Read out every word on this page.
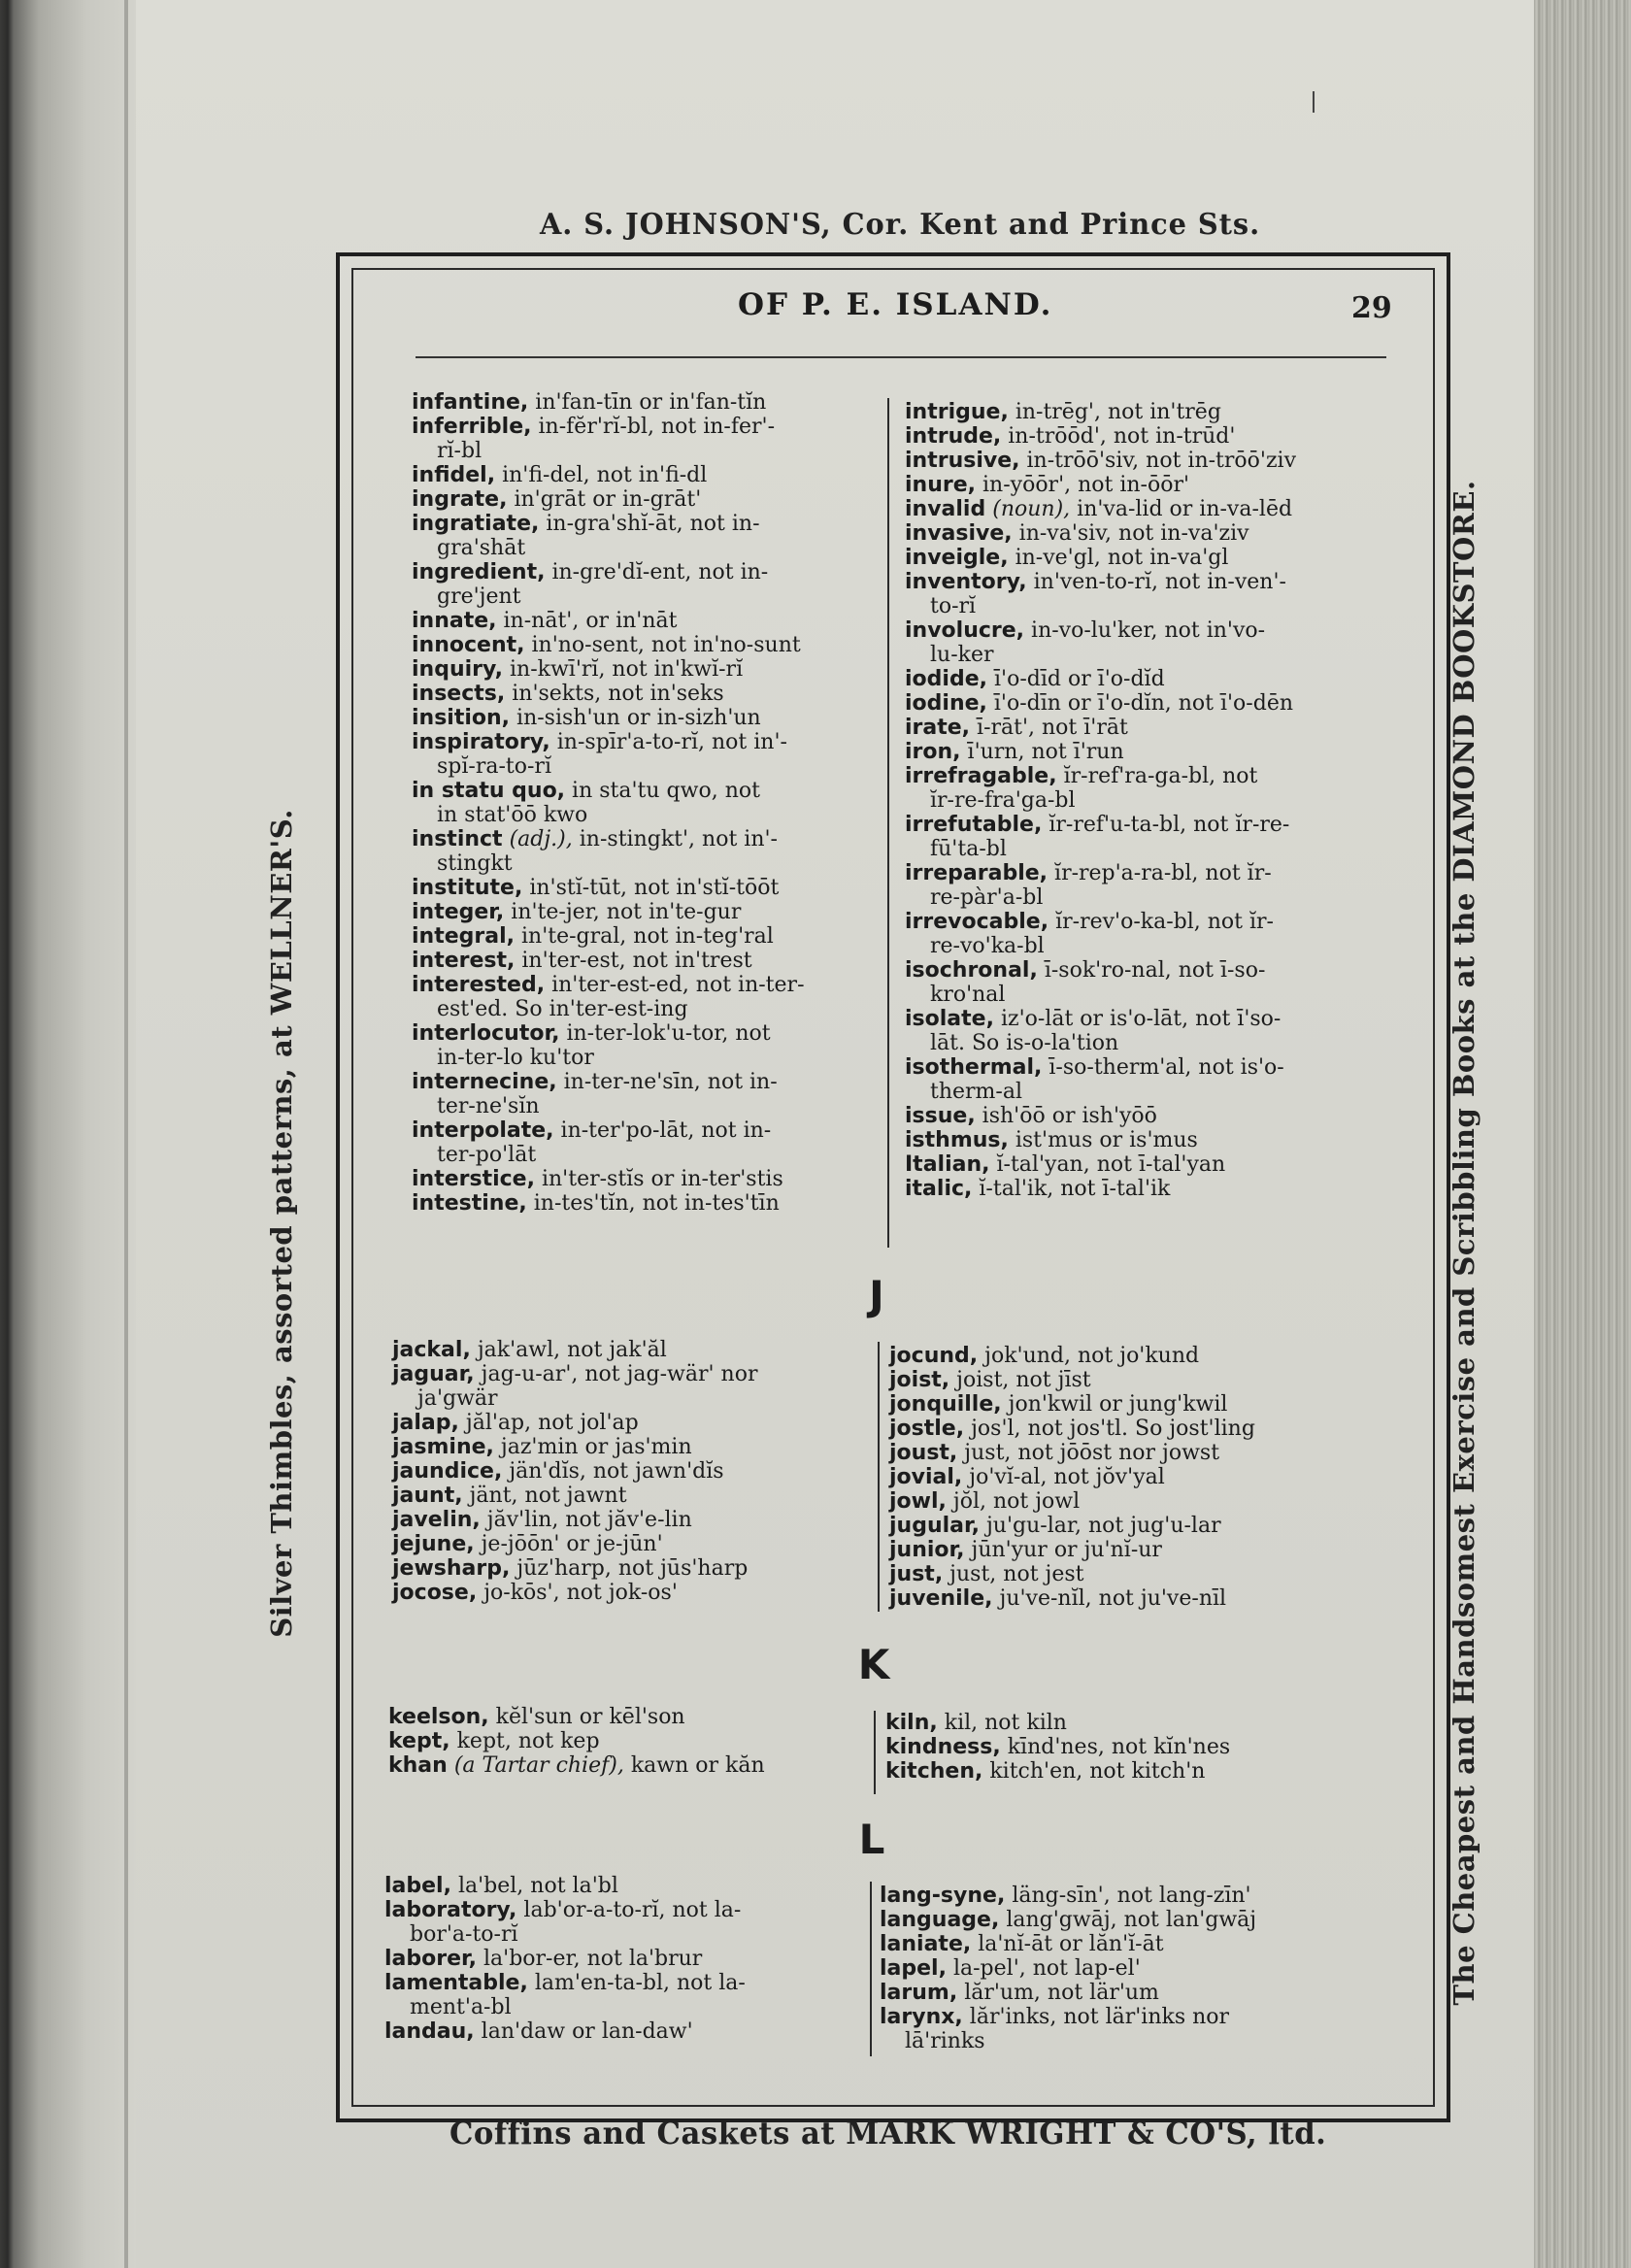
A. S. JOHNSON'S, Cor. Kent and Prince Sts.
Coffins and Caskets at MARK WRIGHT & CO'S, ltd.
Silver Thimbles, assorted patterns, at WELLNER'S.	The Cheapest and Handsomest Exercise and Scribbling Books at the DIAMOND BOOKSTORE.
OF P. E. ISLAND.	29
infantine, in'fan-tīn or in'fan-tĭn
inferrible, in-fĕr'rĭ-bl, not in-fer'-
rĭ-bl
infidel, in'fi-del, not in'fi-dl
ingrate, in'grāt or in-grāt'
ingratiate, in-gra'shĭ-āt, not in-
gra'shāt
ingredient, in-gre'dĭ-ent, not in-
gre'jent
innate, in-nāt', or in'nāt
innocent, in'no-sent, not in'no-sunt
inquiry, in-kwī'rĭ, not in'kwĭ-rĭ
insects, in'sekts, not in'seks
insition, in-sish'un or in-sizh'un
inspiratory, in-spīr'a-to-rĭ, not in'-
spĭ-ra-to-rĭ
in statu quo, in sta'tu qwo, not
in stat'ōō kwo
instinct (adj.), in-stingkt', not in'-
stingkt
institute, in'stĭ-tūt, not in'stĭ-tōōt
integer, in'te-jer, not in'te-gur
integral, in'te-gral, not in-teg'ral
interest, in'ter-est, not in'trest
interested, in'ter-est-ed, not in-ter-
est'ed. So in'ter-est-ing
interlocutor, in-ter-lok'u-tor, not
in-ter-lo ku'tor
internecine, in-ter-ne'sīn, not in-
ter-ne'sĭn
interpolate, in-ter'po-lāt, not in-
ter-po'lāt
interstice, in'ter-stĭs or in-ter'stis
intestine, in-tes'tĭn, not in-tes'tīn
intrigue, in-trēg', not in'trēg
intrude, in-trōōd', not in-trūd'
intrusive, in-trōō'siv, not in-trōō'ziv
inure, in-yōōr', not in-ōōr'
invalid (noun), in'va-lid or in-va-lēd
invasive, in-va'siv, not in-va'ziv
inveigle, in-ve'gl, not in-va'gl
inventory, in'ven-to-rĭ, not in-ven'-
to-rĭ
involucre, in-vo-lu'ker, not in'vo-
lu-ker
iodide, ī'o-dīd or ī'o-dĭd
iodine, ī'o-dīn or ī'o-dĭn, not ī'o-dēn
irate, ī-rāt', not ī'rāt
iron, ī'urn, not ī'run
irrefragable, ĭr-ref'ra-ga-bl, not
ĭr-re-fra'ga-bl
irrefutable, ĭr-ref'u-ta-bl, not ĭr-re-
fū'ta-bl
irreparable, ĭr-rep'a-ra-bl, not ĭr-
re-pàr'a-bl
irrevocable, ĭr-rev'o-ka-bl, not ĭr-
re-vo'ka-bl
isochronal, ī-sok'ro-nal, not ī-so-
kro'nal
isolate, iz'o-lāt or is'o-lāt, not ī'so-
lāt. So is-o-la'tion
isothermal, ī-so-therm'al, not is'o-
therm-al
issue, ish'ōō or ish'yōō
isthmus, ist'mus or is'mus
Italian, ĭ-tal'yan, not ī-tal'yan
italic, ĭ-tal'ik, not ī-tal'ik
J
jackal, jak'awl, not jak'ăl
jaguar, jag-u-ar', not jag-wär' nor
ja'gwär
jalap, jăl'ap, not jol'ap
jasmine, jaz'min or jas'min
jaundice, jän'dĭs, not jawn'dĭs
jaunt, jänt, not jawnt
javelin, jăv'lin, not jăv'e-lin
jejune, je-jōōn' or je-jūn'
jewsharp, jūz'harp, not jūs'harp
jocose, jo-kōs', not jok-os'
jocund, jok'und, not jo'kund
joist, joist, not jīst
jonquille, jon'kwil or jung'kwil
jostle, jos'l, not jos'tl. So jost'ling
joust, just, not jōōst nor jowst
jovial, jo'vĭ-al, not jŏv'yal
jowl, jŏl, not jowl
jugular, ju'gu-lar, not jug'u-lar
junior, jūn'yur or ju'nĭ-ur
just, just, not jest
juvenile, ju've-nĭl, not ju've-nīl
K
keelson, kĕl'sun or kēl'son
kept, kept, not kep
khan (a Tartar chief), kawn or kăn
kiln, kil, not kiln
kindness, kīnd'nes, not kĭn'nes
kitchen, kitch'en, not kitch'n
L
label, la'bel, not la'bl
laboratory, lab'or-a-to-rĭ, not la-
bor'a-to-rĭ
laborer, la'bor-er, not la'brur
lamentable, lam'en-ta-bl, not la-
ment'a-bl
landau, lan'daw or lan-daw'
lang-syne, läng-sīn', not lang-zīn'
language, lang'gwāj, not lan'gwāj
laniate, la'nĭ-āt or lăn'ĭ-āt
lapel, la-pel', not lap-el'
larum, lăr'um, not lär'um
larynx, lăr'inks, not lär'inks nor
lā'rinks
